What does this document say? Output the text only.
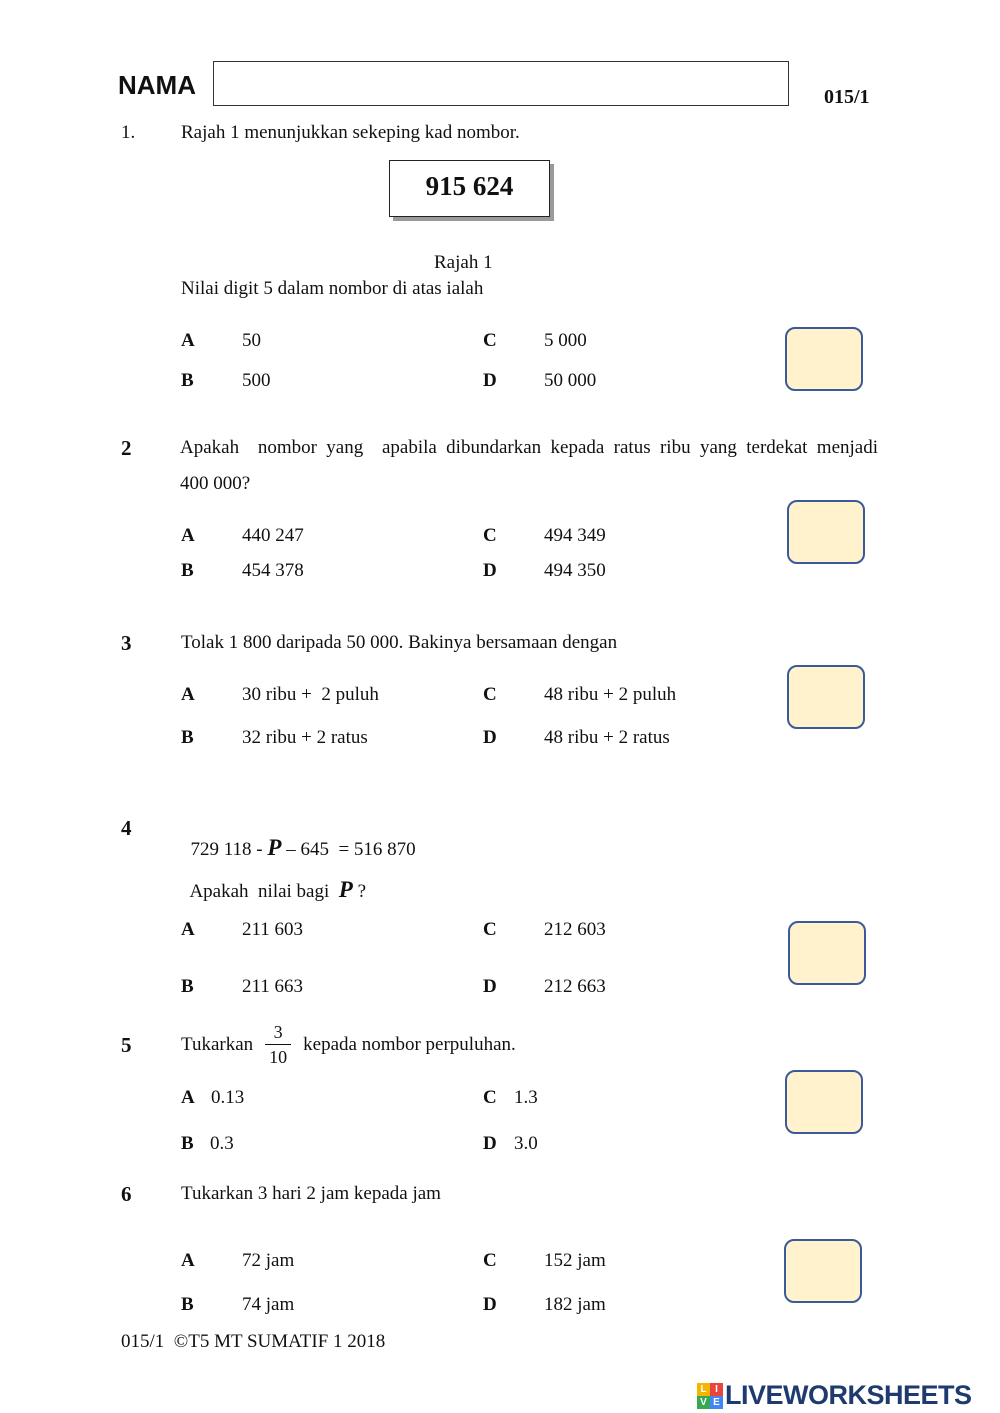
NAMA	015/1
1. Rajah 1 menunjukkan sekeping kad nombor.
915 624
Rajah 1
Nilai digit 5 dalam nombor di atas ialah
A 50	C 5 000
B	500	D 50 000
2	Apakah  nombor yang  apabila dibundarkan kepada ratus ribu yang terdekat menjadi
400 000?
A 440 247	C 494 349
B	454 378	D 494 350
3	Tolak 1 800 daripada 50 000. Bakinya bersamaan dengan
A 30 ribu +  2 puluh	C 48 ribu + 2 puluh
B	32 ribu + 2 ratus	D 48 ribu + 2 ratus
4

729 118 - P – 645  = 516 870

Apakah  nilai bagi  P ?

A 211 603	C 212 603
B	211 663	D 212 663
5	Tukarkan $\frac{3}{10}$ kepada nombor perpuluhan.
A 0.13	C 1.3
B 0.3	D 3.0
6	Tukarkan 3 hari 2 jam kepada jam
A 72 jam	C 152 jam
B	74 jam	D 182 jam
015/1  ©T5 MT SUMATIF 1 2018
L I
V E LIVEWORKSHEETS
